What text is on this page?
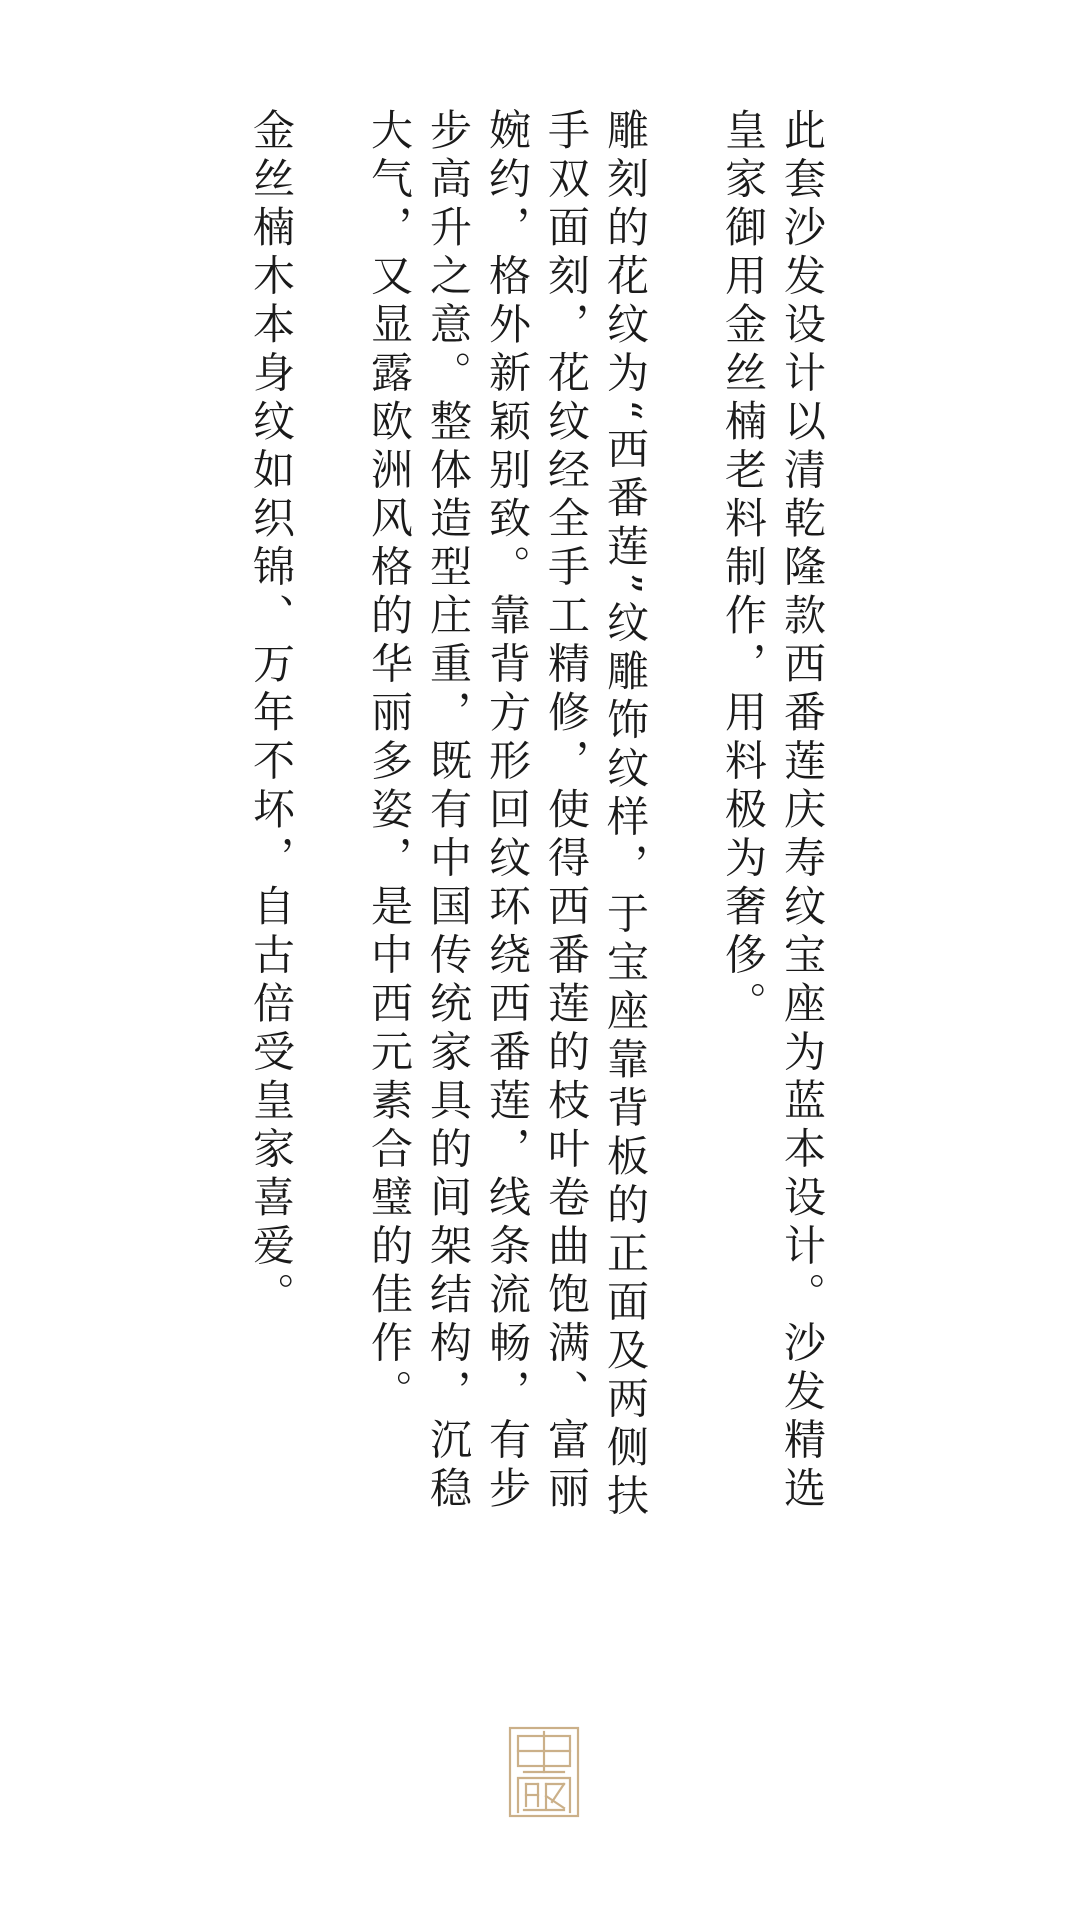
此套沙发设计以清乾隆款西番莲庆寿纹宝座为蓝本设计。沙发精选皇家御用金丝楠老料制作，用料极为奢侈。

雕刻的花纹为“西番莲”纹雕饰纹样，于宝座靠背板的正面及两侧扶手双面刻，花纹经全手工精修，使得西番莲的枝叶卷曲饱满、富丽婉约，格外新颖别致。靠背方形回纹环绕西番莲，线条流畅，有步步高升之意。整体造型庄重，既有中国传统家具的间架结构，沉稳大气，又显露欧洲风格的华丽多姿，是中西元素合璧的佳作。

金丝楠木本身纹如织锦、万年不坏，自古倍受皇家喜爱。
